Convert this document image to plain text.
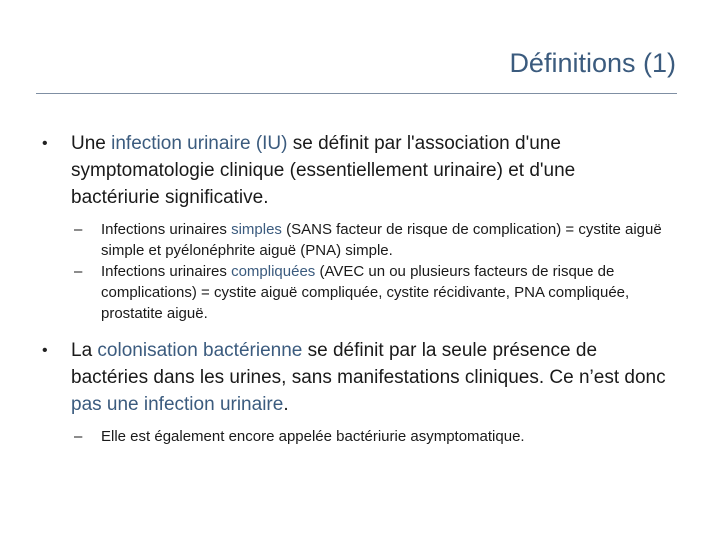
Définitions (1)
• Une infection urinaire (IU) se définit par l'association d'une symptomatologie clinique (essentiellement urinaire) et d'une bactériurie significative.
– Infections urinaires simples (SANS facteur de risque de complication) = cystite aiguë simple et pyélonéphrite aiguë (PNA) simple.
– Infections urinaires compliquées (AVEC un ou plusieurs facteurs de risque de complications) = cystite aiguë compliquée, cystite récidivante, PNA compliquée, prostatite aiguë.
• La colonisation bactérienne se définit par la seule présence de bactéries dans les urines, sans manifestations cliniques. Ce n’est donc pas une infection urinaire.
– Elle est également encore appelée bactériurie asymptomatique.
